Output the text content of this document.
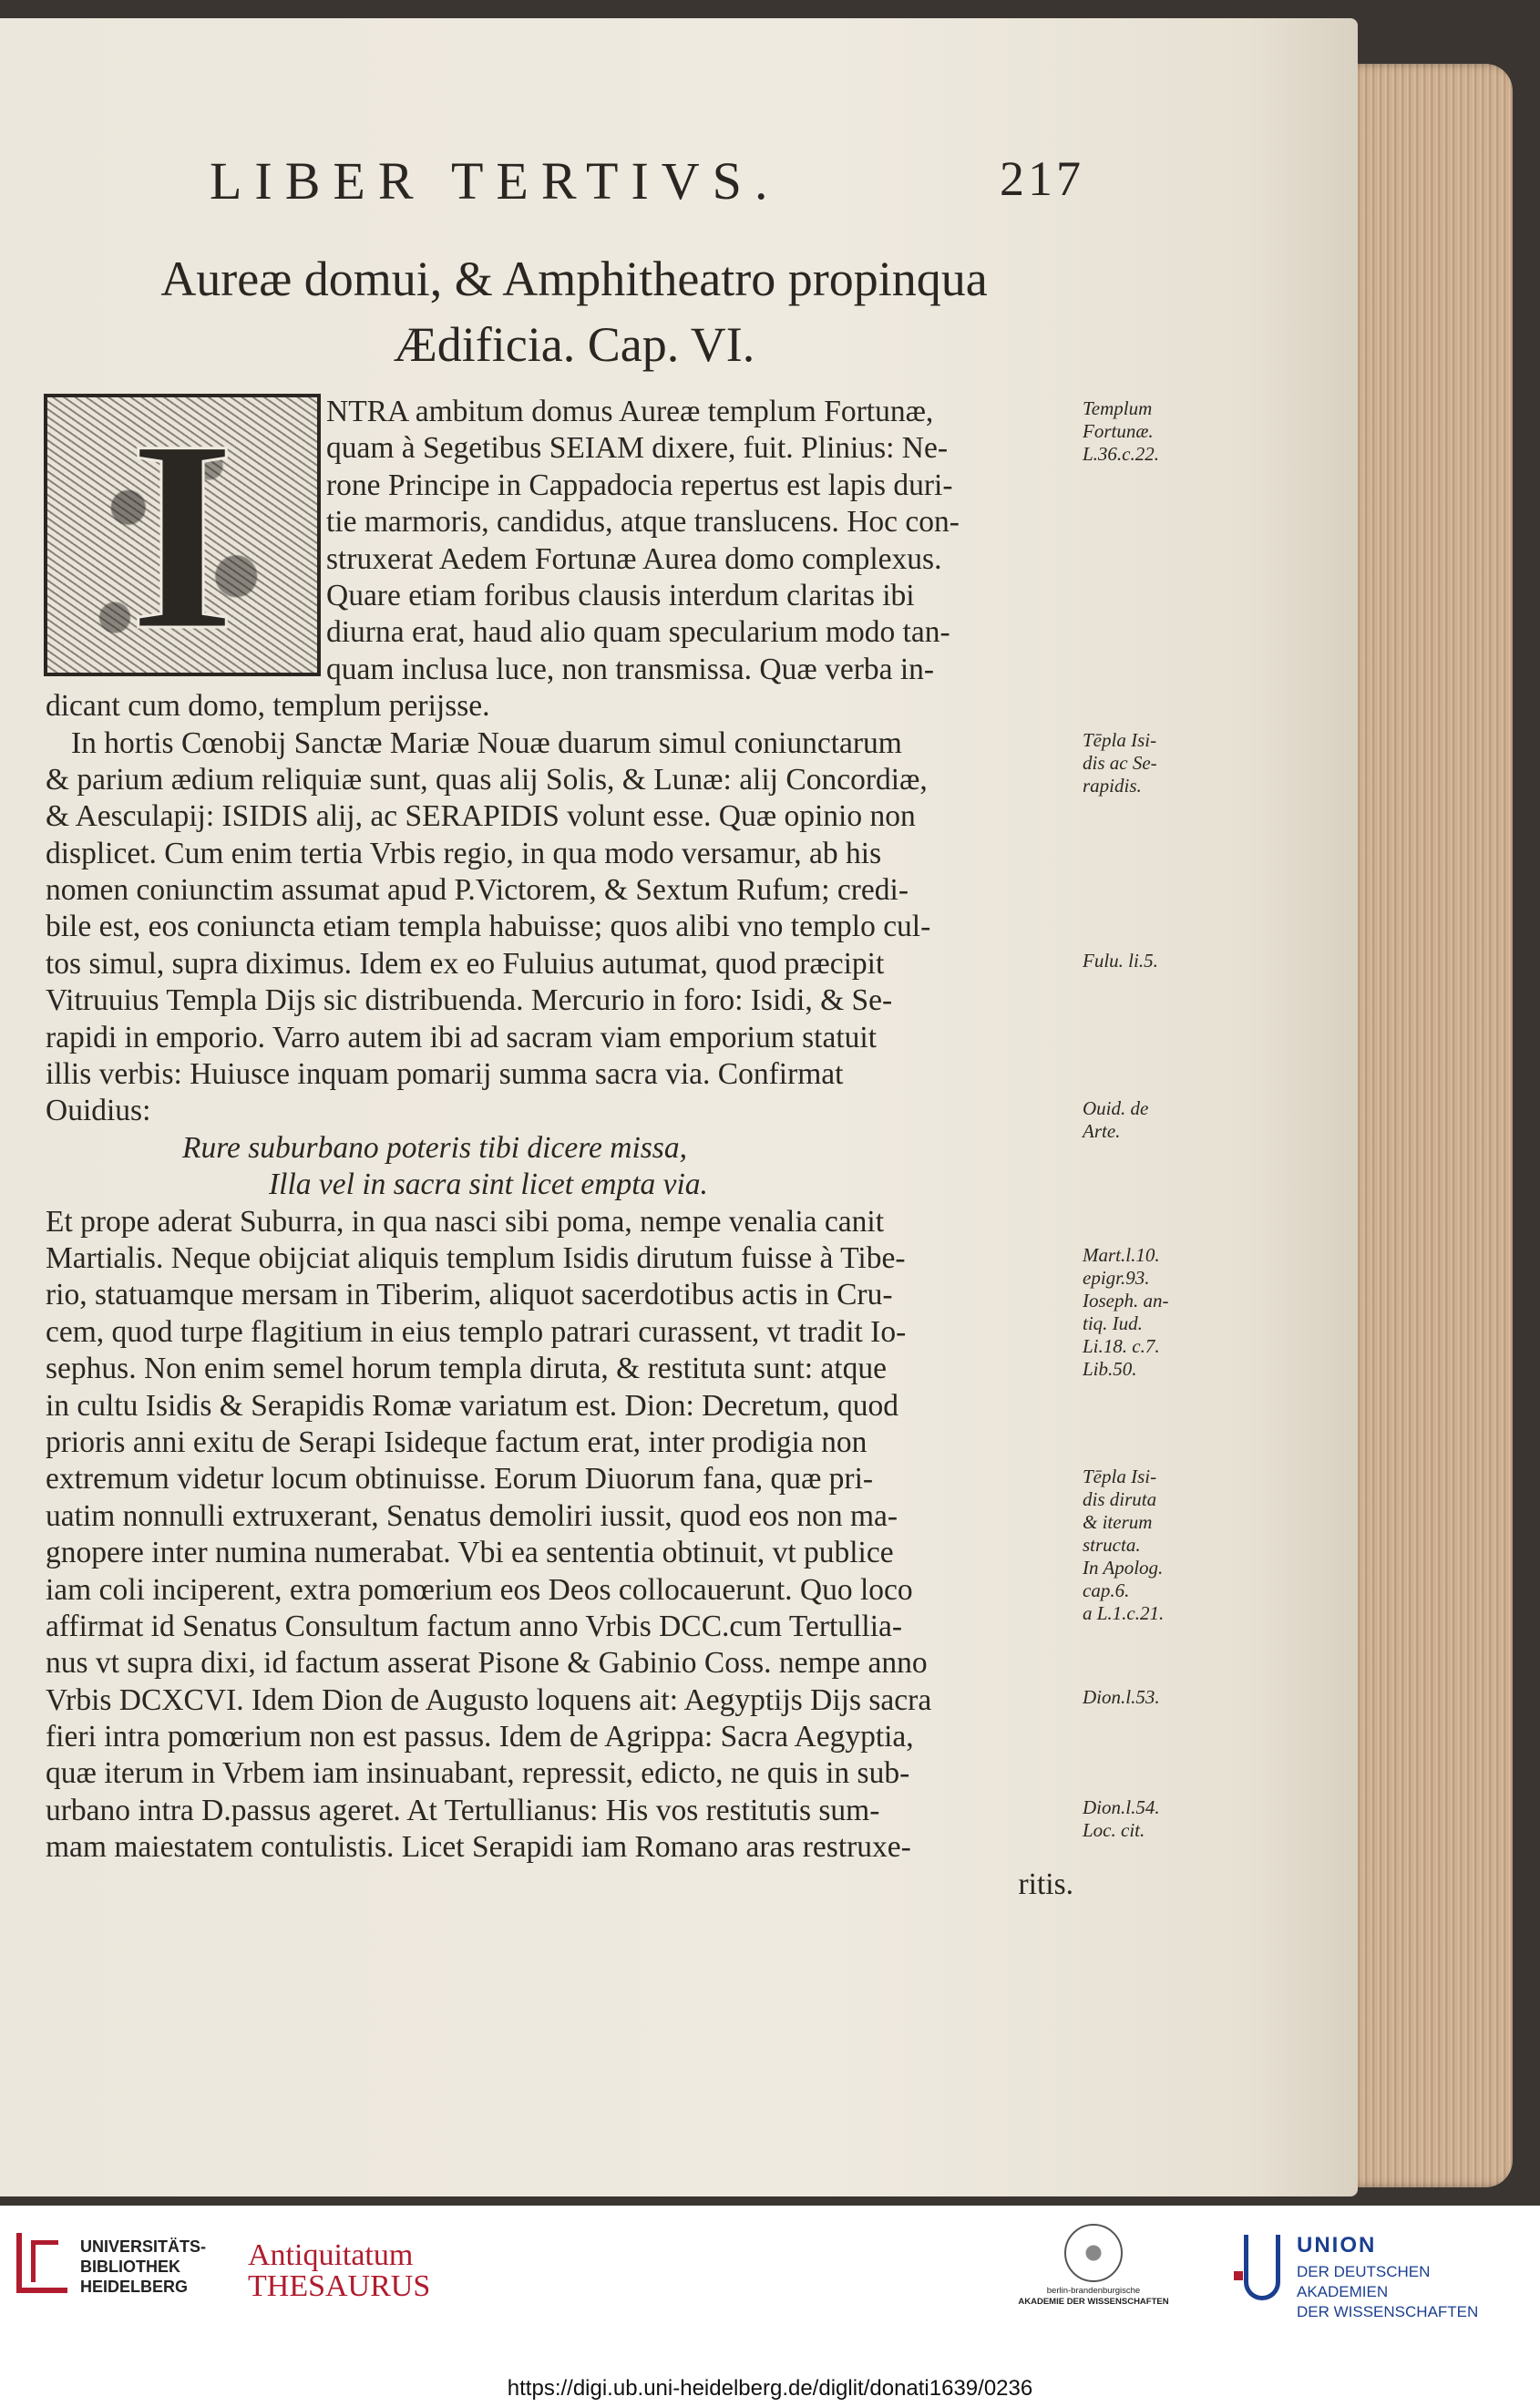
LIBER TERTIVS.	217
Aureæ domui, & Amphitheatro propinqua
Ædificia. Cap. VI.
I	NTRA ambitum domus Aureæ templum Fortunæ,
quam à Segetibus SEIAM dixere, fuit. Plinius: Ne-
rone Principe in Cappadocia repertus est lapis duri-
tie marmoris, candidus, atque translucens. Hoc con-
struxerat Aedem Fortunæ Aurea domo complexus.
Quare etiam foribus clausis interdum claritas ibi
diurna erat, haud alio quam specularium modo tan-
quam inclusa luce, non transmissa. Quæ verba in-
dicant cum domo, templum perijsse.
In hortis Cœnobij Sanctæ Mariæ Nouæ duarum simul coniunctarum
& parium ædium reliquiæ sunt, quas alij Solis, & Lunæ: alij Concordiæ,
& Aesculapij: ISIDIS alij, ac SERAPIDIS volunt esse. Quæ opinio non
displicet. Cum enim tertia Vrbis regio, in qua modo versamur, ab his
nomen coniunctim assumat apud P.Victorem, & Sextum Rufum; credi-
bile est, eos coniuncta etiam templa habuisse; quos alibi vno templo cul-
tos simul, supra diximus. Idem ex eo Fuluius autumat, quod præcipit
Vitruuius Templa Dijs sic distribuenda. Mercurio in foro: Isidi, & Se-
rapidi in emporio. Varro autem ibi ad sacram viam emporium statuit
illis verbis: Huiusce inquam pomarij summa sacra via. Confirmat
Ouidius:
Rure suburbano poteris tibi dicere missa,
Illa vel in sacra sint licet empta via.
Et prope aderat Suburra, in qua nasci sibi poma, nempe venalia canit
Martialis. Neque obijciat aliquis templum Isidis dirutum fuisse à Tibe-
rio, statuamque mersam in Tiberim, aliquot sacerdotibus actis in Cru-
cem, quod turpe flagitium in eius templo patrari curassent, vt tradit Io-
sephus. Non enim semel horum templa diruta, & restituta sunt: atque
in cultu Isidis & Serapidis Romæ variatum est. Dion: Decretum, quod
prioris anni exitu de Serapi Isideque factum erat, inter prodigia non
extremum videtur locum obtinuisse. Eorum Diuorum fana, quæ pri-
uatim nonnulli extruxerant, Senatus demoliri iussit, quod eos non ma-
gnopere inter numina numerabat. Vbi ea sententia obtinuit, vt publice
iam coli inciperent, extra pomœrium eos Deos collocauerunt. Quo loco
affirmat id Senatus Consultum factum anno Vrbis DCC.cum Tertullia-
nus vt supra dixi, id factum asserat Pisone & Gabinio Coss. nempe anno
Vrbis DCXCVI. Idem Dion de Augusto loquens ait: Aegyptijs Dijs sacra
fieri intra pomœrium non est passus. Idem de Agrippa: Sacra Aegyptia,
quæ iterum in Vrbem iam insinuabant, repressit, edicto, ne quis in sub-
urbano intra D.passus ageret. At Tertullianus: His vos restitutis sum-
mam maiestatem contulistis. Licet Serapidi iam Romano aras restruxe-
ritis.
Templum
Fortunæ.
L.36.c.22.
Tēpla Isi-
dis ac Se-
rapidis.
Fulu. li.5.
Ouid. de
Arte.
Mart.l.10.
epigr.93.
Ioseph. an-
tiq. Iud.
Li.18. c.7.
Lib.50.
Tēpla Isi-
dis diruta
& iterum
structa.
In Apolog.
cap.6.
a L.1.c.21.
Dion.l.53.
Dion.l.54.
Loc. cit.
UNIVERSITÄTS-
BIBLIOTHEK
HEIDELBERG
Antiquitatum
THESAURUS	berlin-brandenburgische
AKADEMIE DER WISSENSCHAFTEN
UNION
DER DEUTSCHEN AKADEMIEN
DER WISSENSCHAFTEN
https://digi.ub.uni-heidelberg.de/diglit/donati1639/0236
